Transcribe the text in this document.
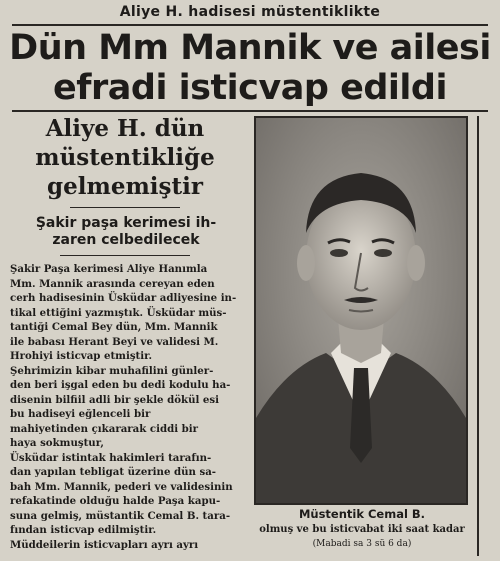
Aliye H. hadisesi müstentiklikte
Dün Mm Mannik ve ailesi
efradi isticvap edildi
Aliye H. dün
müstentikliğe
gelmemiştir
Şakir paşa kerimesi ih-
zaren celbedilecek
Şakir Paşa kerimesi Aliye Hanımla
Mm. Mannik arasında cereyan eden
cerh hadisesinin Üsküdar adliyesine in-
tikal ettiğini yazmıştık. Üsküdar müs-
tantiği Cemal Bey dün, Mm. Mannik
ile babası Herant Beyi ve validesi M.
Hrohiyi isticvap etmiştir.
Şehrimizin kibar muhafilini günler-
den beri işgal eden bu dedi kodulu ha-
disenin bilfiil adli bir şekle dökül esi
bu hadiseyi eğlenceli bir
mahiyetinden çıkararak ciddi bir
haya sokmuştur,
Üsküdar istintak hakimleri tarafın-
dan yapılan tebligat üzerine dün sa-
bah Mm. Mannik, pederi ve validesinin
refakatinde olduğu halde Paşa kapu-
suna gelmiş, müstantik Cemal B. tara-
fından isticvap edilmiştir.
Müddeilerin isticvapları ayrı ayrı
Müstentik Cemal B.
olmuş ve bu isticvabat iki saat kadar
(Mabadi sa 3 sü 6 da)
